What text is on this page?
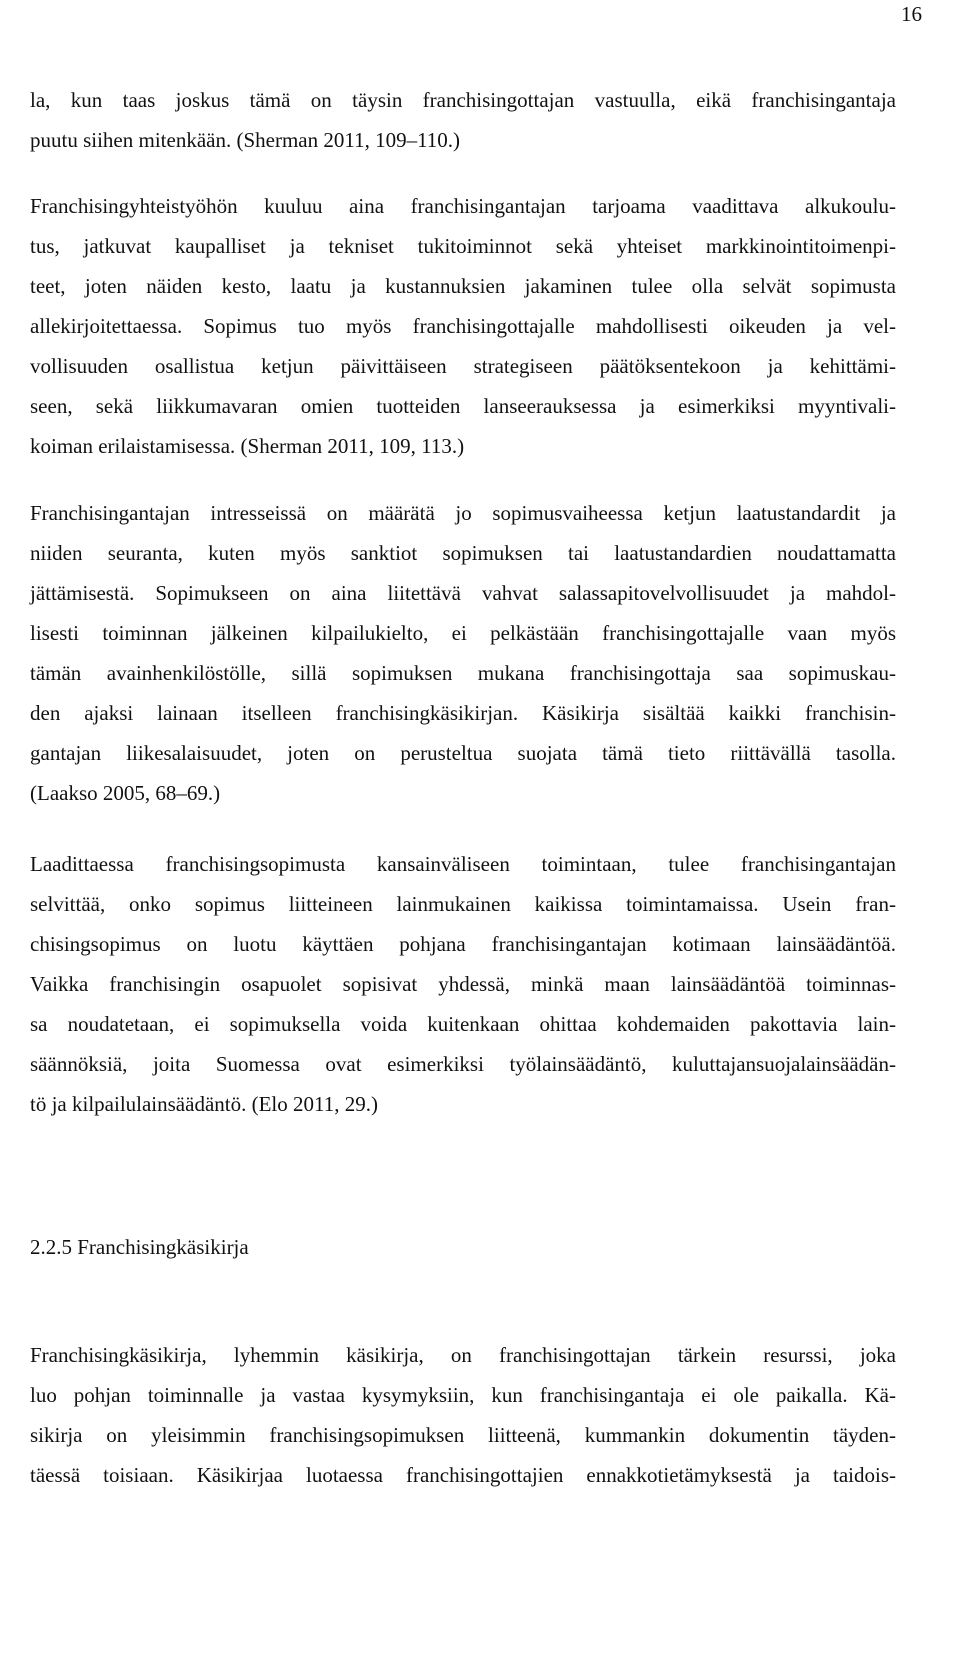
16
la, kun taas joskus tämä on täysin franchisingottajan vastuulla, eikä franchisingantaja
puutu siihen mitenkään. (Sherman 2011, 109–110.)
Franchisingyhteistyöhön kuuluu aina franchisingantajan tarjoama vaadittava alkukoulu-
tus, jatkuvat kaupalliset ja tekniset tukitoiminnot sekä yhteiset markkinointitoimenpi-
teet, joten näiden kesto, laatu ja kustannuksien jakaminen tulee olla selvät sopimusta
allekirjoitettaessa. Sopimus tuo myös franchisingottajalle mahdollisesti oikeuden ja vel-
vollisuuden osallistua ketjun päivittäiseen strategiseen päätöksentekoon ja kehittämi-
seen, sekä liikkumavaran omien tuotteiden lanseerauksessa ja esimerkiksi myyntivali-
koiman erilaistamisessa. (Sherman 2011, 109, 113.)
Franchisingantajan intresseissä on määrätä jo sopimusvaiheessa ketjun laatustandardit ja
niiden seuranta, kuten myös sanktiot sopimuksen tai laatustandardien noudattamatta
jättämisestä. Sopimukseen on aina liitettävä vahvat salassapitovelvollisuudet ja mahdol-
lisesti toiminnan jälkeinen kilpailukielto, ei pelkästään franchisingottajalle vaan myös
tämän avainhenkilöstölle, sillä sopimuksen mukana franchisingottaja saa sopimuskau-
den ajaksi lainaan itselleen franchisingkäsikirjan. Käsikirja sisältää kaikki franchisin-
gantajan liikesalaisuudet, joten on perusteltua suojata tämä tieto riittävällä tasolla.
(Laakso 2005, 68–69.)
Laadittaessa franchisingsopimusta kansainväliseen toimintaan, tulee franchisingantajan
selvittää, onko sopimus liitteineen lainmukainen kaikissa toimintamaissa. Usein fran-
chisingsopimus on luotu käyttäen pohjana franchisingantajan kotimaan lainsäädäntöä.
Vaikka franchisingin osapuolet sopisivat yhdessä, minkä maan lainsäädäntöä toiminnas-
sa noudatetaan, ei sopimuksella voida kuitenkaan ohittaa kohdemaiden pakottavia lain-
säännöksiä, joita Suomessa ovat esimerkiksi työlainsäädäntö, kuluttajansuojalainsäädän-
tö ja kilpailulainsäädäntö. (Elo 2011, 29.)
2.2.5 Franchisingkäsikirja
Franchisingkäsikirja, lyhemmin käsikirja, on franchisingottajan tärkein resurssi, joka
luo pohjan toiminnalle ja vastaa kysymyksiin, kun franchisingantaja ei ole paikalla. Kä-
sikirja on yleisimmin franchisingsopimuksen liitteenä, kummankin dokumentin täyden-
täessä toisiaan. Käsikirjaa luotaessa franchisingottajien ennakkotietämyksestä ja taidois-
